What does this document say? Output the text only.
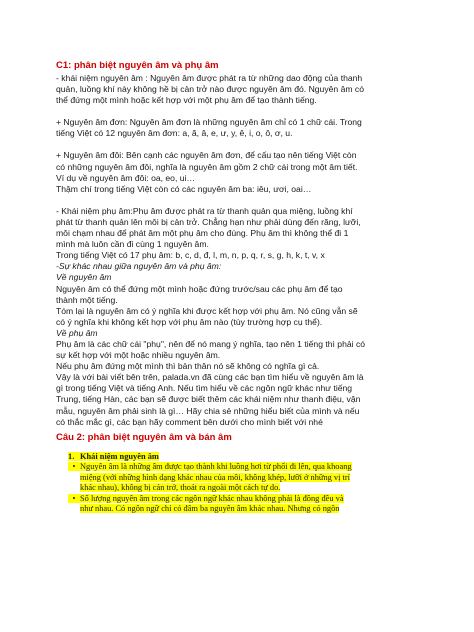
C1: phân biệt nguyên âm và phụ âm

- khái niệm nguyên âm : Nguyên âm được phát ra từ những dao động của thanh

quản, luồng khí này không hề bị cản trở nào được nguyên âm đó. Nguyên âm có

thể đứng một mình hoặc kết hợp với một phụ âm để tạo thành tiếng.

+ Nguyên âm đơn: Nguyên âm đơn là những nguyên âm chỉ có 1 chữ cái. Trong

tiếng Việt có 12 nguyên âm đơn: a, ă, â, e, ư, y, ê, i, o, ô, ơ, u.

+ Nguyên âm đôi: Bên cạnh các nguyên âm đơn, để cấu tạo nên tiếng Việt còn

có những nguyên âm đôi, nghĩa là nguyên âm gồm 2 chữ cái trong một âm tiết.

Ví dụ về nguyên âm đôi: oa, eo, ui…

Thậm chí trong tiếng Việt còn có các nguyên âm ba: iêu, ươi, oai…

- Khái niệm phụ âm:Phụ âm được phát ra từ thanh quản qua miệng, luồng khí

phát từ thanh quản lên môi bị cản trở. Chẳng hạn như phải dùng đến răng, lưỡi,

môi chạm nhau để phát âm một phụ âm cho đúng. Phụ âm thì không thể đi 1

mình mà luôn cần đi cùng 1 nguyên âm.

Trong tiếng Việt có 17 phụ âm: b, c, d, đ, l, m, n, p, q, r, s, g, h, k, t, v, x

-Sự khác nhau giữa nguyên âm và phụ âm:

Về nguyên âm

Nguyên âm có thể đứng một mình hoặc đứng trước/sau các phụ âm để tạo

thành một tiếng.

Tóm lại là nguyên âm có ý nghĩa khi được kết hợp với phụ âm. Nó cũng vẫn sẽ

có ý nghĩa khi không kết hợp với phụ âm nào (tùy trường hợp cụ thể).

Về phụ âm

Phụ âm là các chữ cái "phụ", nên để nó mang ý nghĩa, tạo nên 1 tiếng thì phải có

sự kết hợp với một hoặc nhiều nguyên âm.

Nếu phụ âm đứng một mình thì bản thân nó sẽ không có nghĩa gì cả.

Vậy là với bài viết bên trên, palada.vn đã cùng các bạn tìm hiểu về nguyên âm là

gì trong tiếng Việt và tiếng Anh. Nếu tìm hiểu về các ngôn ngữ khác như tiếng

Trung, tiếng Hàn, các bạn sẽ được biết thêm các khái niệm như thanh điệu, vận

mẫu, nguyên âm phải sinh là gì… Hãy chia sẻ những hiểu biết của mình và nếu

có thắc mắc gì, các bạn hãy comment bên dưới cho mình biết với nhé

Câu 2: phân biệt nguyên âm và bán âm

1. Khái niệm nguyên âm

• Nguyên âm là những âm được tạo thành khi luồng hơi từ phổi đi lên, qua khoang

miệng (với những hình dạng khác nhau của môi, không khép, lưỡi ở những vị trí

khác nhau), không bị cản trở, thoát ra ngoài một cách tự do.

• Số lượng nguyên âm trong các ngôn ngữ khác nhau không phải là đồng đều và

như nhau. Có ngôn ngữ chỉ có đâm ba nguyên âm khác nhau. Nhưng có ngôn
